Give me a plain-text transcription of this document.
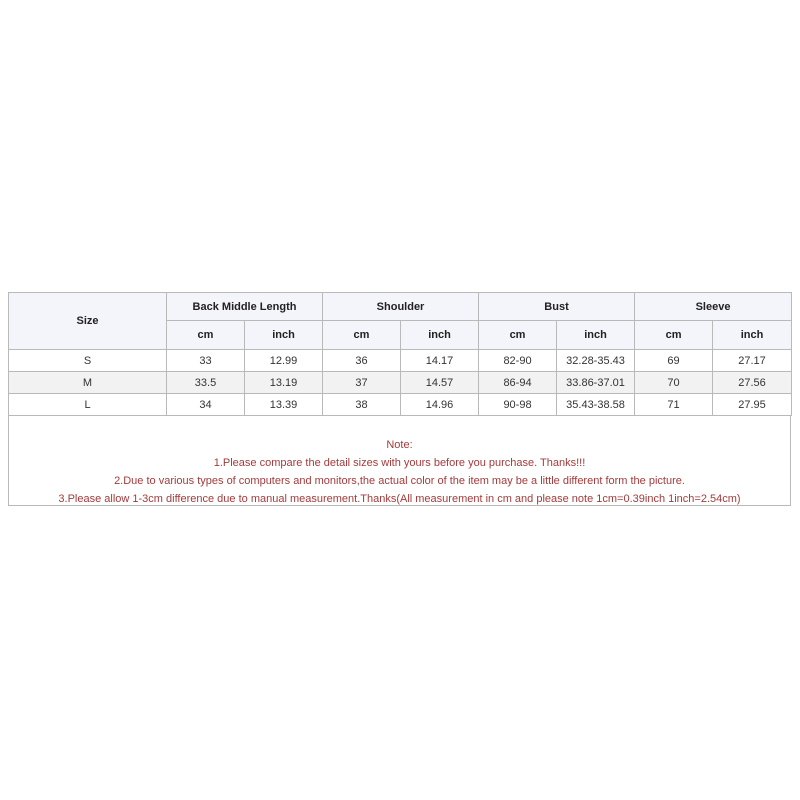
Size	Back Middle Length		Shoulder		Bust		Sleeve	
	cm	inch	cm	inch	cm	inch	cm	inch
S	33	12.99	36	14.17	82-90	32.28-35.43	69	27.17
M	33.5	13.19	37	14.57	86-94	33.86-37.01	70	27.56
L	34	13.39	38	14.96	90-98	35.43-38.58	71	27.95
Note:
1.Please compare the detail sizes with yours before you purchase. Thanks!!!
2.Due to various types of computers and monitors,the actual color of the item may be a little different form the picture.
3.Please allow 1-3cm difference due to manual measurement.Thanks(All measurement in cm and please note 1cm=0.39inch 1inch=2.54cm)
